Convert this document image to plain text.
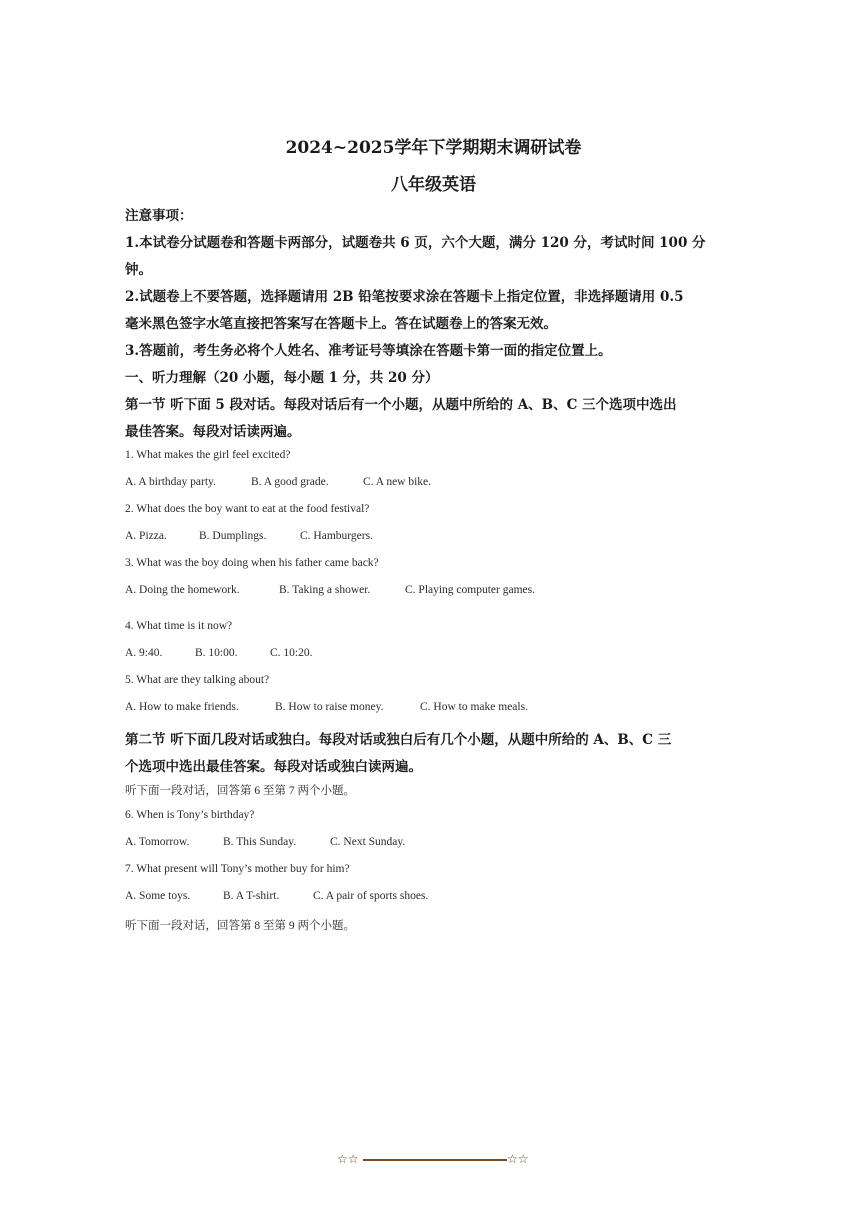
2024~2025学年下学期期末调研试卷
八年级英语
注意事项：
1.本试卷分试题卷和答题卡两部分，试题卷共 6 页，六个大题，满分 120 分，考试时间 100 分
钟。
2.试题卷上不要答题，选择题请用 2B 铅笔按要求涂在答题卡上指定位置，非选择题请用 0.5
毫米黑色签字水笔直接把答案写在答题卡上。答在试题卷上的答案无效。
3.答题前，考生务必将个人姓名、准考证号等填涂在答题卡第一面的指定位置上。
一、听力理解（20 小题，每小题 1 分，共 20 分）
第一节 听下面 5 段对话。每段对话后有一个小题，从题中所给的 A、B、C 三个选项中选出
最佳答案。每段对话读两遍。
1. What makes the girl feel excited?
A. A birthday party.	B. A good grade.	C. A new bike.
2. What does the boy want to eat at the food festival?
A. Pizza.	B. Dumplings.	C. Hamburgers.
3. What was the boy doing when his father came back?
A. Doing the homework.	B. Taking a shower.	C. Playing computer games.
4. What time is it now?
A. 9:40.	B. 10:00.	C. 10:20.
5. What are they talking about?
A. How to make friends.	B. How to raise money.	C. How to make meals.
第二节 听下面几段对话或独白。每段对话或独白后有几个小题，从题中所给的 A、B、C 三
个选项中选出最佳答案。每段对话或独白读两遍。
听下面一段对话，回答第 6 至第 7 两个小题。
6. When is Tony’s birthday?
A. Tomorrow.	B. This Sunday.	C. Next Sunday.
7. What present will Tony’s mother buy for him?
A. Some toys.	B. A T-shirt.	C. A pair of sports shoes.
听下面一段对话，回答第 8 至第 9 两个小题。
☆☆	☆☆
